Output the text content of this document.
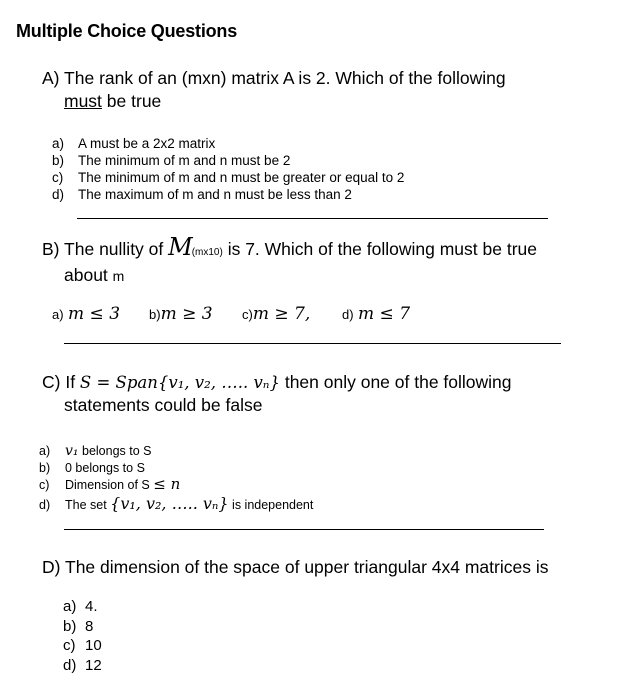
Multiple Choice Questions
A) The rank of an (mxn) matrix A is 2. Which of the following
must be true
a) A must be a 2x2 matrix
b) The minimum of m and n must be 2
c) The minimum of m and n must be greater or equal to 2
d) The maximum of m and n must be less than 2
B) The nullity of M(mx10) is 7. Which of the following must be true
about m
a) m ≤ 3 b)m ≥ 3 c)m ≥ 7, d) m ≤ 7
C) If S = Span{v₁, v₂, ….. vₙ} then only one of the following
statements could be false
a) v₁ belongs to S
b) 0 belongs to S
c) Dimension of S ≤ n
d) The set {v₁, v₂, ….. vₙ} is independent
D) The dimension of the space of upper triangular 4x4 matrices is
a) 4.
b) 8
c) 10
d) 12
